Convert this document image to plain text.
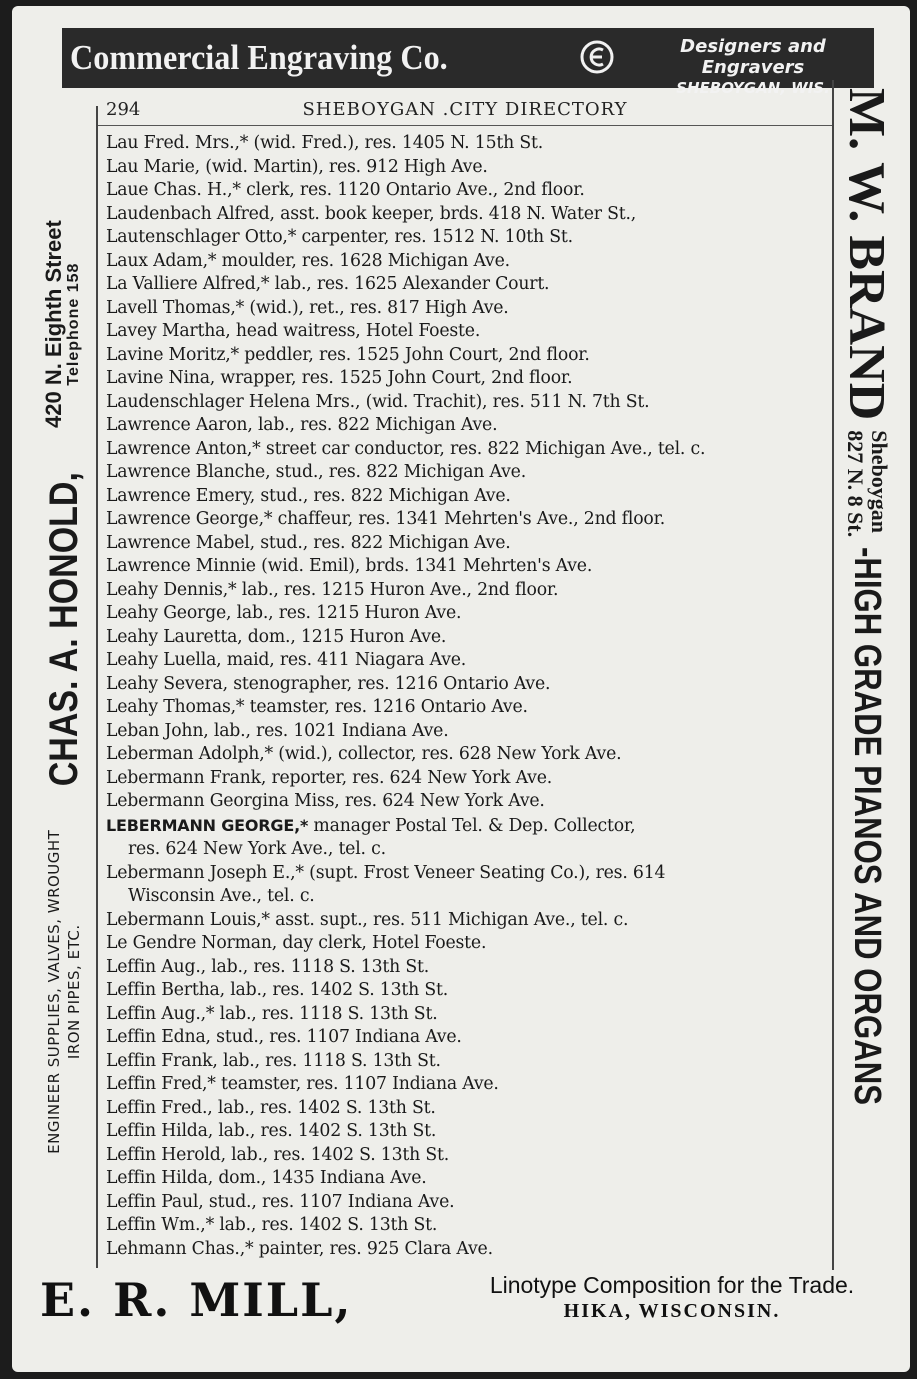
Commercial Engraving Co.	Designers and Engravers
SHEBOYGAN, WIS.
ENGINEER SUPPLIES, VALVES, WROUGHT IRON PIPES, ETC.
CHAS. A. HONOLD,
420 N. Eighth Street Telephone 158	M. W. BRAND
Sheboygan
827 N. 8 St.
-HIGH GRADE PIANOS AND ORGANS
294	SHEBOYGAN .CITY DIRECTORY
Lau Fred. Mrs.,* (wid. Fred.), res. 1405 N. 15th St.
Lau Marie, (wid. Martin), res. 912 High Ave.
Laue Chas. H.,* clerk, res. 1120 Ontario Ave., 2nd floor.
Laudenbach Alfred, asst. book keeper, brds. 418 N. Water St.,
Lautenschlager Otto,* carpenter, res. 1512 N. 10th St.
Laux Adam,* moulder, res. 1628 Michigan Ave.
La Valliere Alfred,* lab., res. 1625 Alexander Court.
Lavell Thomas,* (wid.), ret., res. 817 High Ave.
Lavey Martha, head waitress, Hotel Foeste.
Lavine Moritz,* peddler, res. 1525 John Court, 2nd floor.
Lavine Nina, wrapper, res. 1525 John Court, 2nd floor.
Laudenschlager Helena Mrs., (wid. Trachit), res. 511 N. 7th St.
Lawrence Aaron, lab., res. 822 Michigan Ave.
Lawrence Anton,* street car conductor, res. 822 Michigan Ave., tel. c.
Lawrence Blanche, stud., res. 822 Michigan Ave.
Lawrence Emery, stud., res. 822 Michigan Ave.
Lawrence George,* chaffeur, res. 1341 Mehrten's Ave., 2nd floor.
Lawrence Mabel, stud., res. 822 Michigan Ave.
Lawrence Minnie (wid. Emil), brds. 1341 Mehrten's Ave.
Leahy Dennis,* lab., res. 1215 Huron Ave., 2nd floor.
Leahy George, lab., res. 1215 Huron Ave.
Leahy Lauretta, dom., 1215 Huron Ave.
Leahy Luella, maid, res. 411 Niagara Ave.
Leahy Severa, stenographer, res. 1216 Ontario Ave.
Leahy Thomas,* teamster, res. 1216 Ontario Ave.
Leban John, lab., res. 1021 Indiana Ave.
Leberman Adolph,* (wid.), collector, res. 628 New York Ave.
Lebermann Frank, reporter, res. 624 New York Ave.
Lebermann Georgina Miss, res. 624 New York Ave.
LEBERMANN GEORGE,* manager Postal Tel. & Dep. Collector,
res. 624 New York Ave., tel. c.
Lebermann Joseph E.,* (supt. Frost Veneer Seating Co.), res. 614
Wisconsin Ave., tel. c.
Lebermann Louis,* asst. supt., res. 511 Michigan Ave., tel. c.
Le Gendre Norman, day clerk, Hotel Foeste.
Leffin Aug., lab., res. 1118 S. 13th St.
Leffin Bertha, lab., res. 1402 S. 13th St.
Leffin Aug.,* lab., res. 1118 S. 13th St.
Leffin Edna, stud., res. 1107 Indiana Ave.
Leffin Frank, lab., res. 1118 S. 13th St.
Leffin Fred,* teamster, res. 1107 Indiana Ave.
Leffin Fred., lab., res. 1402 S. 13th St.
Leffin Hilda, lab., res. 1402 S. 13th St.
Leffin Herold, lab., res. 1402 S. 13th St.
Leffin Hilda, dom., 1435 Indiana Ave.
Leffin Paul, stud., res. 1107 Indiana Ave.
Leffin Wm.,* lab., res. 1402 S. 13th St.
Lehmann Chas.,* painter, res. 925 Clara Ave.
E. R. MILL,	Linotype Composition for the Trade.
HIKA, WISCONSIN.
